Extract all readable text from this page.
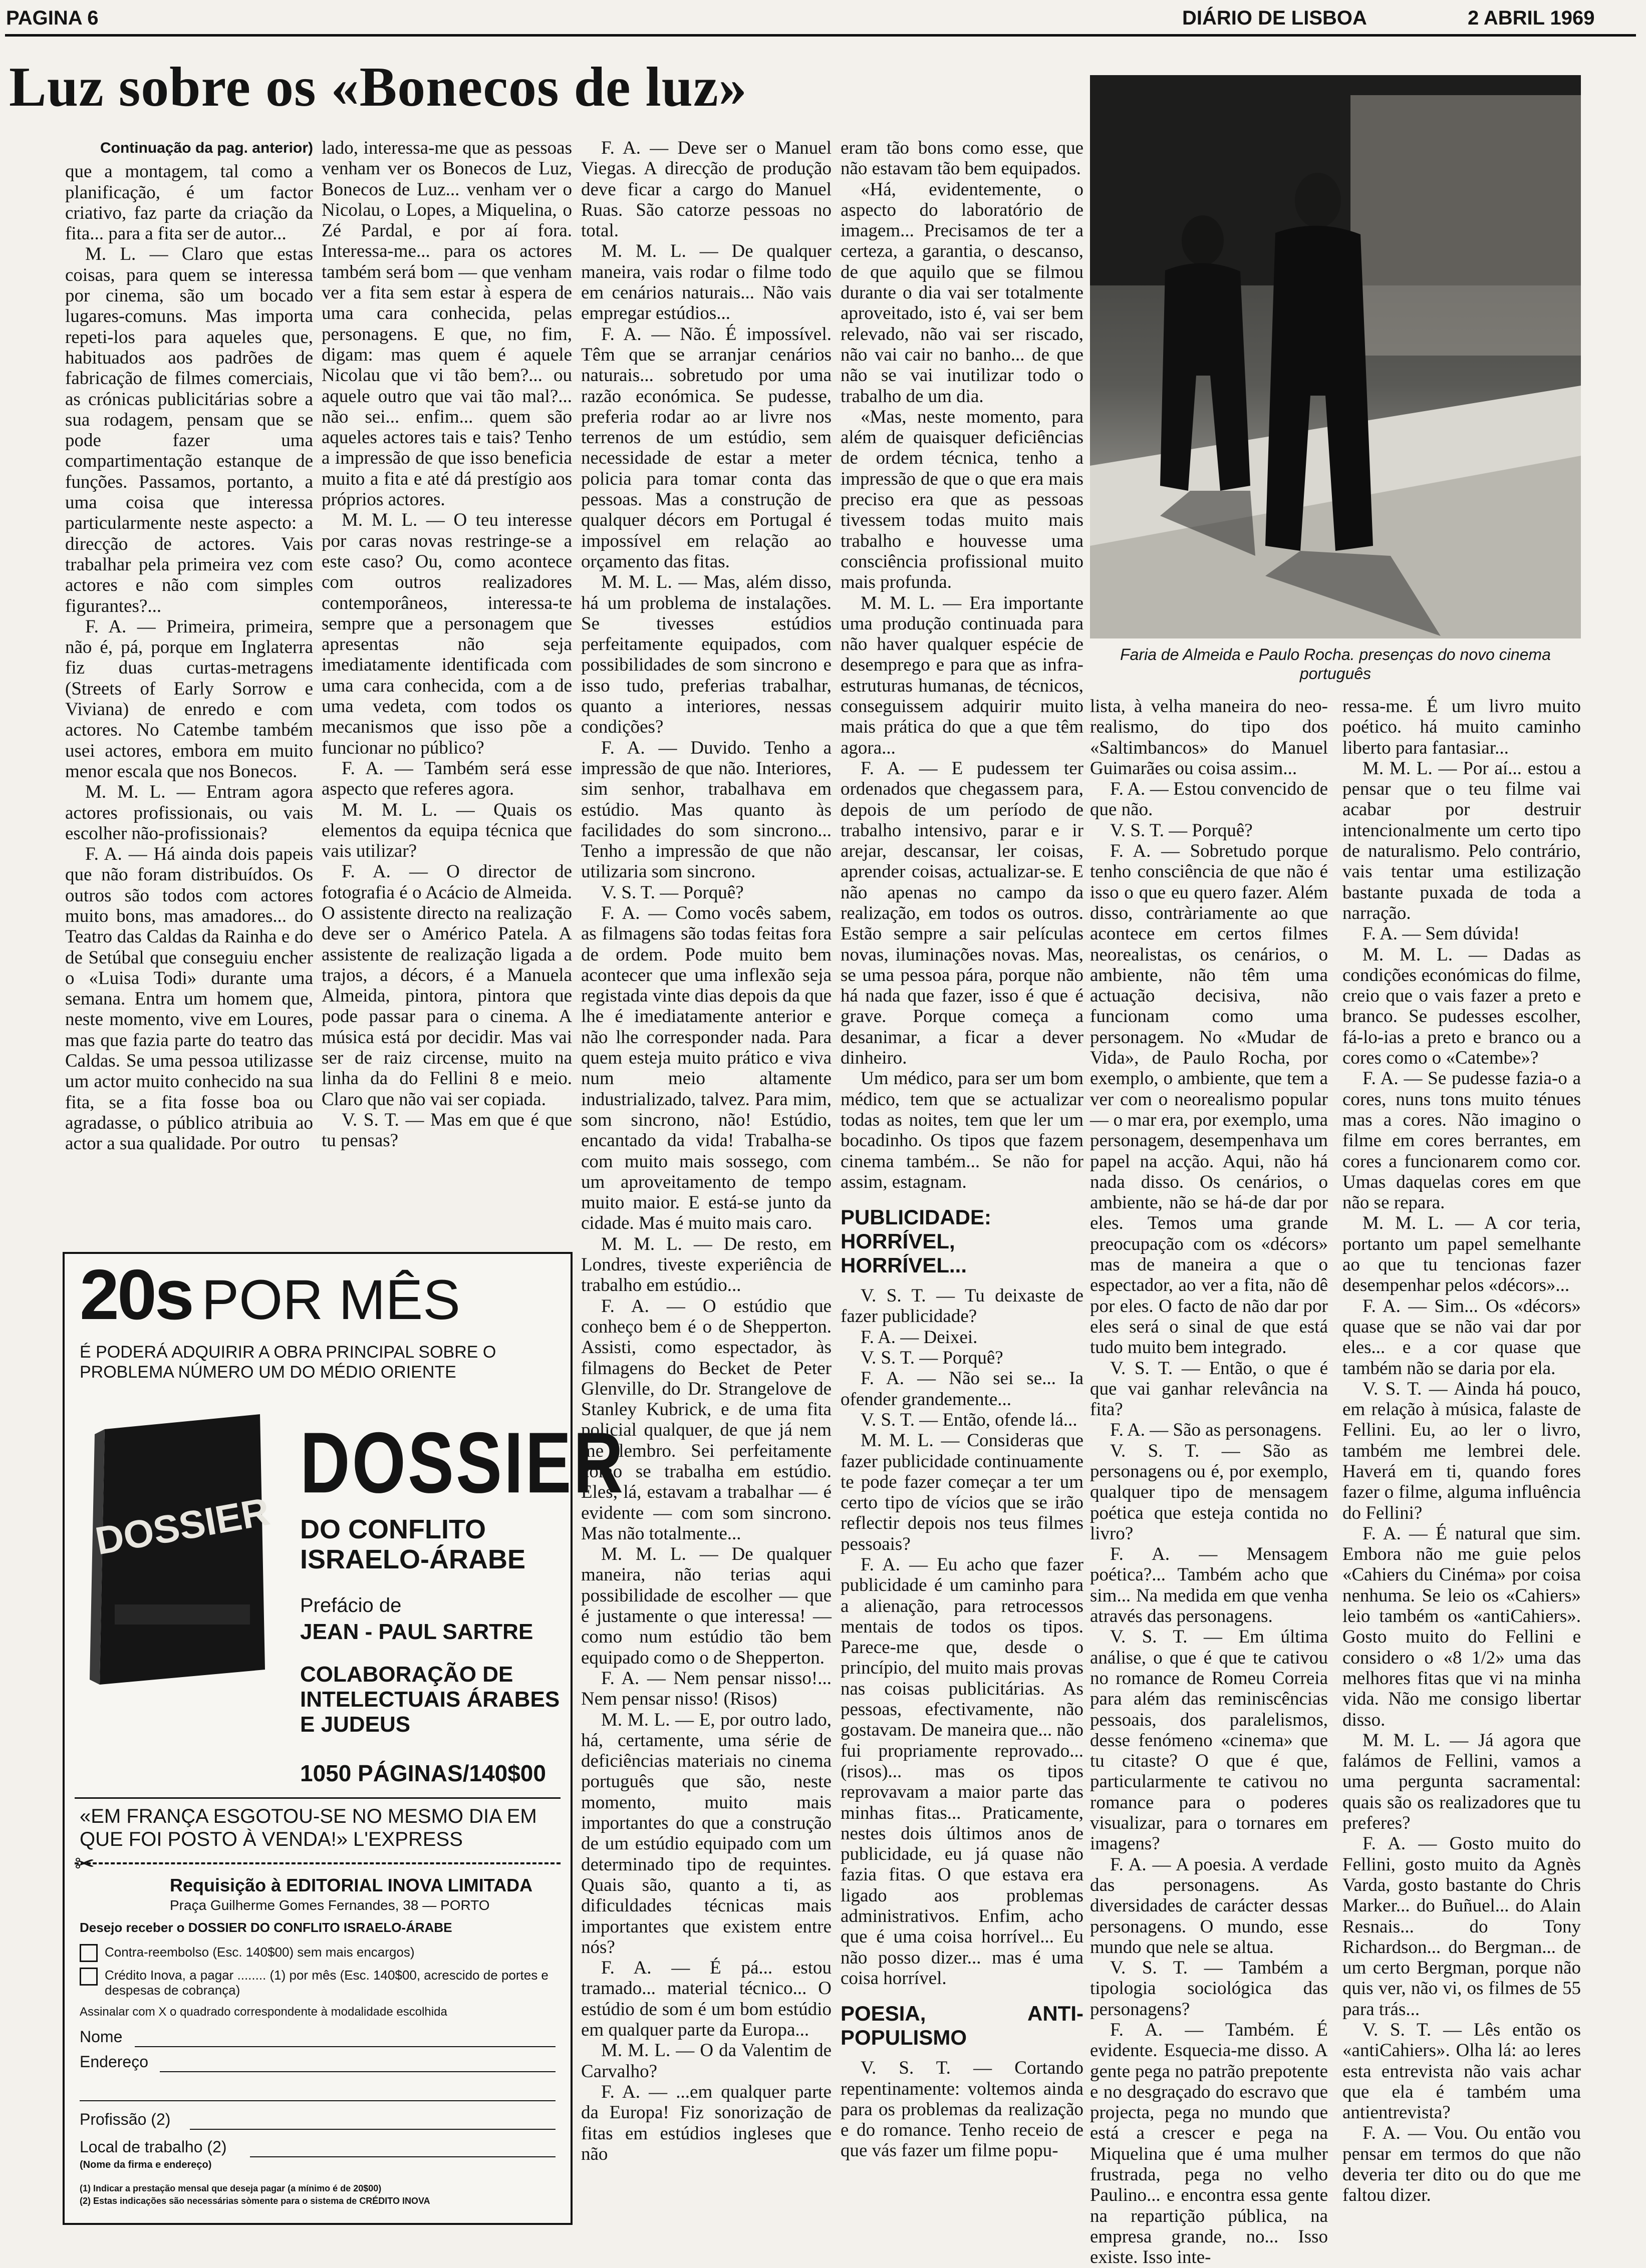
PAGINA 6	DIÁRIO DE LISBOA	2 ABRIL 1969
Luz sobre os «Bonecos de luz»
Continuação da pag. anterior)

que a montagem, tal como a planificação, é um factor criativo, faz parte da criação da fita... para a fita ser de autor...

M. L. — Claro que estas coisas, para quem se interessa por cinema, são um bocado lugares-comuns. Mas importa repeti-los para aqueles que, habituados aos padrões de fabricação de filmes comerciais, as crónicas publicitárias sobre a sua rodagem, pensam que se pode fazer uma compartimentação estanque de funções. Passamos, portanto, a uma coisa que interessa particularmente neste aspecto: a direcção de actores. Vais trabalhar pela primeira vez com actores e não com simples figurantes?...

F. A. — Primeira, primeira, não é, pá, porque em Inglaterra fiz duas curtas-metragens (Streets of Early Sorrow e Viviana) de enredo e com actores. No Catembe também usei actores, embora em muito menor escala que nos Bonecos.

M. M. L. — Entram agora actores profissionais, ou vais escolher não-profissionais?

F. A. — Há ainda dois papeis que não foram distribuídos. Os outros são todos com actores muito bons, mas amadores... do Teatro das Caldas da Rainha e do de Setúbal que conseguiu encher o «Luisa Todi» durante uma semana. Entra um homem que, neste momento, vive em Loures, mas que fazia parte do teatro das Caldas. Se uma pessoa utilizasse um actor muito conhecido na sua fita, se a fita fosse boa ou agradasse, o público atribuia ao actor a sua qualidade. Por outro

lado, interessa-me que as pessoas venham ver os Bonecos de Luz, Bonecos de Luz... venham ver o Nicolau, o Lopes, a Miquelina, o Zé Pardal, e por aí fora. Interessa-me... para os actores também será bom — que venham ver a fita sem estar à espera de uma cara conhecida, pelas personagens. E que, no fim, digam: mas quem é aquele Nicolau que vi tão bem?... ou aquele outro que vai tão mal?... não sei... enfim... quem são aqueles actores tais e tais? Tenho a impressão de que isso beneficia muito a fita e até dá prestígio aos próprios actores.

M. M. L. — O teu interesse por caras novas restringe-se a este caso? Ou, como acontece com outros realizadores contemporâneos, interessa-te sempre que a personagem que apresentas não seja imediatamente identificada com uma cara conhecida, com a de uma vedeta, com todos os mecanismos que isso põe a funcionar no público?

F. A. — Também será esse aspecto que referes agora.

M. M. L. — Quais os elementos da equipa técnica que vais utilizar?

F. A. — O director de fotografia é o Acácio de Almeida. O assistente directo na realização deve ser o Américo Patela. A assistente de realização ligada a trajos, a décors, é a Manuela Almeida, pintora, pintora que pode passar para o cinema. A música está por decidir. Mas vai ser de raiz circense, muito na linha da do Fellini 8 e meio. Claro que não vai ser copiada.

V. S. T. — Mas em que é que tu pensas?

F. A. — Deve ser o Manuel Viegas. A direcção de produção deve ficar a cargo do Manuel Ruas. São catorze pessoas no total.

M. M. L. — De qualquer maneira, vais rodar o filme todo em cenários naturais... Não vais empregar estúdios...

F. A. — Não. É impossível. Têm que se arranjar cenários naturais... sobretudo por uma razão económica. Se pudesse, preferia rodar ao ar livre nos terrenos de um estúdio, sem necessidade de estar a meter policia para tomar conta das pessoas. Mas a construção de qualquer décors em Portugal é impossível em relação ao orçamento das fitas.

M. M. L. — Mas, além disso, há um problema de instalações. Se tivesses estúdios perfeitamente equipados, com possibilidades de som sincrono e isso tudo, preferias trabalhar, quanto a interiores, nessas condições?

F. A. — Duvido. Tenho a impressão de que não. Interiores, sim senhor, trabalhava em estúdio. Mas quanto às facilidades do som sincrono... Tenho a impressão de que não utilizaria som sincrono.

V. S. T. — Porquê?

F. A. — Como vocês sabem, as filmagens são todas feitas fora de ordem. Pode muito bem acontecer que uma inflexão seja registada vinte dias depois da que lhe é imediatamente anterior e não lhe corresponder nada. Para quem esteja muito prático e viva num meio altamente industrializado, talvez. Para mim, som sincrono, não! Estúdio, encantado da vida! Trabalha-se com muito mais sossego, com um aproveitamento de tempo muito maior. E está-se junto da cidade. Mas é muito mais caro.

M. M. L. — De resto, em Londres, tiveste experiência de trabalho em estúdio...

F. A. — O estúdio que conheço bem é o de Shepperton. Assisti, como espectador, às filmagens do Becket de Peter Glenville, do Dr. Strangelove de Stanley Kubrick, e de uma fita policial qualquer, de que já nem me lembro. Sei perfeitamente como se trabalha em estúdio. Eles, lá, estavam a trabalhar — é evidente — com som sincrono. Mas não totalmente...

M. M. L. — De qualquer maneira, não terias aqui possibilidade de escolher — que é justamente o que interessa! — como num estúdio tão bem equipado como o de Shepperton.

F. A. — Nem pensar nisso!... Nem pensar nisso! (Risos)

M. M. L. — E, por outro lado, há, certamente, uma série de deficiências materiais no cinema português que são, neste momento, muito mais importantes do que a construção de um estúdio equipado com um determinado tipo de requintes. Quais são, quanto a ti, as dificuldades técnicas mais importantes que existem entre nós?

F. A. — É pá... estou tramado... material técnico... O estúdio de som é um bom estúdio em qualquer parte da Europa...

M. M. L. — O da Valentim de Carvalho?

F. A. — ...em qualquer parte da Europa! Fiz sonorização de fitas em estúdios ingleses que não

eram tão bons como esse, que não estavam tão bem equipados.

«Há, evidentemente, o aspecto do laboratório de imagem... Precisamos de ter a certeza, a garantia, o descanso, de que aquilo que se filmou durante o dia vai ser totalmente aproveitado, isto é, vai ser bem relevado, não vai ser riscado, não vai cair no banho... de que não se vai inutilizar todo o trabalho de um dia.

«Mas, neste momento, para além de quaisquer deficiências de ordem técnica, tenho a impressão de que o que era mais preciso era que as pessoas tivessem todas muito mais trabalho e houvesse uma consciência profissional muito mais profunda.

M. M. L. — Era importante uma produção continuada para não haver qualquer espécie de desemprego e para que as infra-estruturas humanas, de técnicos, conseguissem adquirir muito mais prática do que a que têm agora...

F. A. — E pudessem ter ordenados que chegassem para, depois de um período de trabalho intensivo, parar e ir arejar, descansar, ler coisas, aprender coisas, actualizar-se. E não apenas no campo da realização, em todos os outros. Estão sempre a sair películas novas, iluminações novas. Mas, se uma pessoa pára, porque não há nada que fazer, isso é que é grave. Porque começa a desanimar, a ficar a dever dinheiro.

Um médico, para ser um bom médico, tem que se actualizar todas as noites, tem que ler um bocadinho. Os tipos que fazem cinema também... Se não for assim, estagnam.

PUBLICIDADE: HORRÍVEL, HORRÍVEL...

V. S. T. — Tu deixaste de fazer publicidade?

F. A. — Deixei.

V. S. T. — Porquê?

F. A. — Não sei se... Ia ofender grandemente...

V. S. T. — Então, ofende lá...

M. M. L. — Consideras que fazer publicidade continuamente te pode fazer começar a ter um certo tipo de vícios que se irão reflectir depois nos teus filmes pessoais?

F. A. — Eu acho que fazer publicidade é um caminho para a alienação, para retrocessos mentais de todos os tipos. Parece-me que, desde o princípio, del muito mais provas nas coisas publicitárias. As pessoas, efectivamente, não gostavam. De maneira que... não fui propriamente reprovado... (risos)... mas os tipos reprovavam a maior parte das minhas fitas... Praticamente, nestes dois últimos anos de publicidade, eu já quase não fazia fitas. O que estava era ligado aos problemas administrativos. Enfim, acho que é uma coisa horrível... Eu não posso dizer... mas é uma coisa horrível.

POESIA, ANTI-POPULISMO

V. S. T. — Cortando repentinamente: voltemos ainda para os problemas da realização e do romance. Tenho receio de que vás fazer um filme popu-

Faria de Almeida e Paulo Rocha. presenças do novo cinema português

lista, à velha maneira do neo-realismo, do tipo dos «Saltimbancos» do Manuel Guimarães ou coisa assim...

F. A. — Estou convencido de que não.

V. S. T. — Porquê?

F. A. — Sobretudo porque tenho consciência de que não é isso o que eu quero fazer. Além disso, contràriamente ao que acontece em certos filmes neorealistas, os cenários, o ambiente, não têm uma actuação decisiva, não funcionam como uma personagem. No «Mudar de Vida», de Paulo Rocha, por exemplo, o ambiente, que tem a ver com o neorealismo popular — o mar era, por exemplo, uma personagem, desempenhava um papel na acção. Aqui, não há nada disso. Os cenários, o ambiente, não se há-de dar por eles. Temos uma grande preocupação com os «décors» mas de maneira a que o espectador, ao ver a fita, não dê por eles. O facto de não dar por eles será o sinal de que está tudo muito bem integrado.

V. S. T. — Então, o que é que vai ganhar relevância na fita?

F. A. — São as personagens.

V. S. T. — São as personagens ou é, por exemplo, qualquer tipo de mensagem poética que esteja contida no livro?

F. A. — Mensagem poética?... Também acho que sim... Na medida em que venha através das personagens.

V. S. T. — Em última análise, o que é que te cativou no romance de Romeu Correia para além das reminiscências pessoais, dos paralelismos, desse fenómeno «cinema» que tu citaste? O que é que, particularmente te cativou no romance para o poderes visualizar, para o tornares em imagens?

F. A. — A poesia. A verdade das personagens. As diversidades de carácter dessas personagens. O mundo, esse mundo que nele se altua.

V. S. T. — Também a tipologia sociológica das personagens?

F. A. — Também. É evidente. Esquecia-me disso. A gente pega no patrão prepotente e no desgraçado do escravo que projecta, pega no mundo que está a crescer e pega na Miquelina que é uma mulher frustrada, pega no velho Paulino... e encontra essa gente na repartição pública, na empresa grande, no... Isso existe. Isso inte-

ressa-me. É um livro muito poético. há muito caminho liberto para fantasiar...

M. M. L. — Por aí... estou a pensar que o teu filme vai acabar por destruir intencionalmente um certo tipo de naturalismo. Pelo contrário, vais tentar uma estilização bastante puxada de toda a narração.

F. A. — Sem dúvida!

M. M. L. — Dadas as condições económicas do filme, creio que o vais fazer a preto e branco. Se pudesses escolher, fá-lo-ias a preto e branco ou a cores como o «Catembe»?

F. A. — Se pudesse fazia-o a cores, nuns tons muito ténues mas a cores. Não imagino o filme em cores berrantes, em cores a funcionarem como cor. Umas daquelas cores em que não se repara.

M. M. L. — A cor teria, portanto um papel semelhante ao que tu tencionas fazer desempenhar pelos «décors»...

F. A. — Sim... Os «décors» quase que se não vai dar por eles... e a cor quase que também não se daria por ela.

V. S. T. — Ainda há pouco, em relação à música, falaste de Fellini. Eu, ao ler o livro, também me lembrei dele. Haverá em ti, quando fores fazer o filme, alguma influência do Fellini?

F. A. — É natural que sim. Embora não me guie pelos «Cahiers du Cinéma» por coisa nenhuma. Se leio os «Cahiers» leio também os «antiCahiers». Gosto muito do Fellini e considero o «8 1/2» uma das melhores fitas que vi na minha vida. Não me consigo libertar disso.

M. M. L. — Já agora que falámos de Fellini, vamos a uma pergunta sacramental: quais são os realizadores que tu preferes?

F. A. — Gosto muito do Fellini, gosto muito da Agnès Varda, gosto bastante do Chris Marker... do Buñuel... do Alain Resnais... do Tony Richardson... do Bergman... de um certo Bergman, porque não quis ver, não vi, os filmes de 55 para trás...

V. S. T. — Lês então os «antiCahiers». Olha lá: ao leres esta entrevista não vais achar que ela é também uma antientrevista?

F. A. — Vou. Ou então vou pensar em termos do que não deveria ter dito ou do que me faltou dizer.

20s POR MÊS
É PODERÁ ADQUIRIR A OBRA PRINCIPAL SOBRE O PROBLEMA NÚMERO UM DO MÉDIO ORIENTE
DOSSIER
DOSSIER
DO CONFLITO ISRAELO-ÁRABE
Prefácio de
JEAN - PAUL SARTRE
COLABORAÇÃO DE INTELECTUAIS ÁRABES E JUDEUS
1050 PÁGINAS/140$00
«EM FRANÇA ESGOTOU-SE NO MESMO DIA EM QUE FOI POSTO À VENDA!» L'EXPRESS
✂
Requisição à EDITORIAL INOVA LIMITADA
Praça Guilherme Gomes Fernandes, 38 — PORTO
Desejo receber o DOSSIER DO CONFLITO ISRAELO-ÁRABE
Contra-reembolso (Esc. 140$00) sem mais encargos)
Crédito Inova, a pagar ........ (1) por mês (Esc. 140$00, acrescido de portes e despesas de cobrança)
Assinalar com X o quadrado correspondente à modalidade escolhida
Nome
Endereço
Profissão (2)
Local de trabalho (2)
(Nome da firma e endereço)
(1) Indicar a prestação mensal que deseja pagar (a mínimo é de 20$00)
(2) Estas indicações são necessárias sòmente para o sistema de CRÉDITO INOVA
